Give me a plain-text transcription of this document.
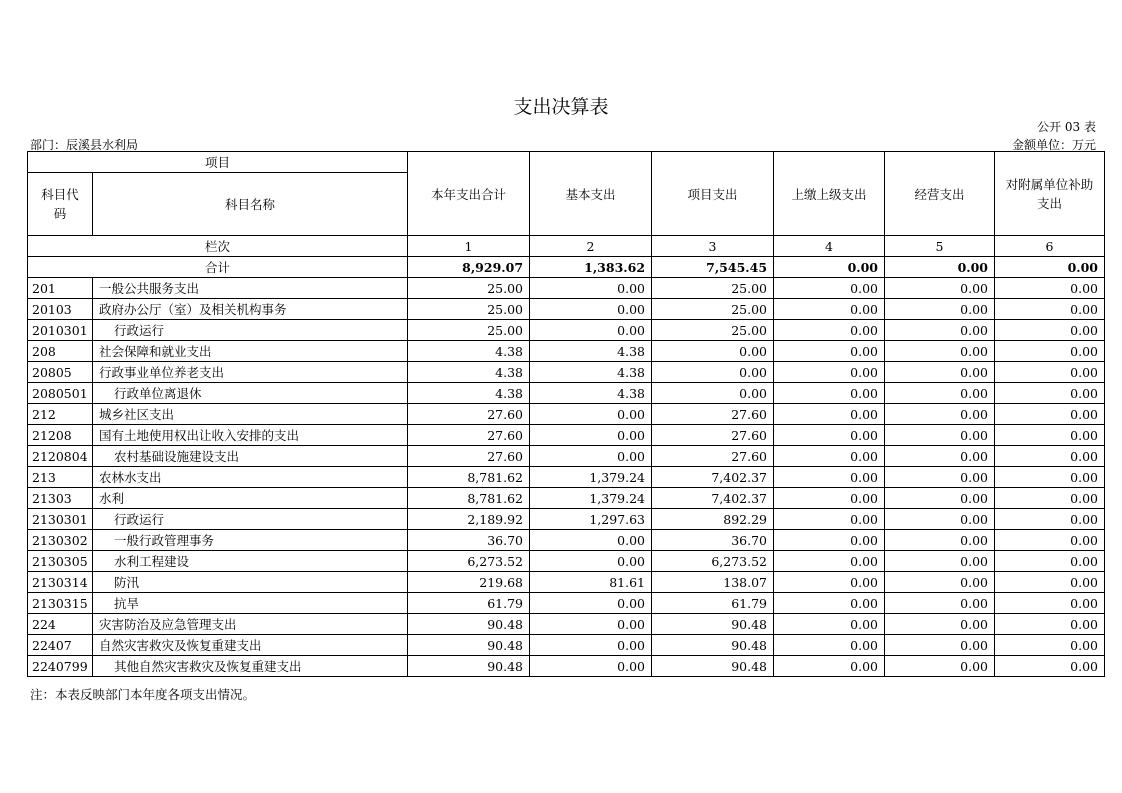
支出决算表
公开 03 表
部门：辰溪县水利局	金额单位：万元
项目		本年支出合计	基本支出	项目支出	上缴上级支出	经营支出	对附属单位补助支出
科目代码	科目名称						
栏次		1	2	3	4	5	6
合计		8,929.07	1,383.62	7,545.45	0.00	0.00	0.00
201	一般公共服务支出	25.00	0.00	25.00	0.00	0.00	0.00
20103	政府办公厅（室）及相关机构事务	25.00	0.00	25.00	0.00	0.00	0.00
2010301	行政运行	25.00	0.00	25.00	0.00	0.00	0.00
208	社会保障和就业支出	4.38	4.38	0.00	0.00	0.00	0.00
20805	行政事业单位养老支出	4.38	4.38	0.00	0.00	0.00	0.00
2080501	行政单位离退休	4.38	4.38	0.00	0.00	0.00	0.00
212	城乡社区支出	27.60	0.00	27.60	0.00	0.00	0.00
21208	国有土地使用权出让收入安排的支出	27.60	0.00	27.60	0.00	0.00	0.00
2120804	农村基础设施建设支出	27.60	0.00	27.60	0.00	0.00	0.00
213	农林水支出	8,781.62	1,379.24	7,402.37	0.00	0.00	0.00
21303	水利	8,781.62	1,379.24	7,402.37	0.00	0.00	0.00
2130301	行政运行	2,189.92	1,297.63	892.29	0.00	0.00	0.00
2130302	一般行政管理事务	36.70	0.00	36.70	0.00	0.00	0.00
2130305	水利工程建设	6,273.52	0.00	6,273.52	0.00	0.00	0.00
2130314	防汛	219.68	81.61	138.07	0.00	0.00	0.00
2130315	抗旱	61.79	0.00	61.79	0.00	0.00	0.00
224	灾害防治及应急管理支出	90.48	0.00	90.48	0.00	0.00	0.00
22407	自然灾害救灾及恢复重建支出	90.48	0.00	90.48	0.00	0.00	0.00
2240799	其他自然灾害救灾及恢复重建支出	90.48	0.00	90.48	0.00	0.00	0.00
注：本表反映部门本年度各项支出情况。
